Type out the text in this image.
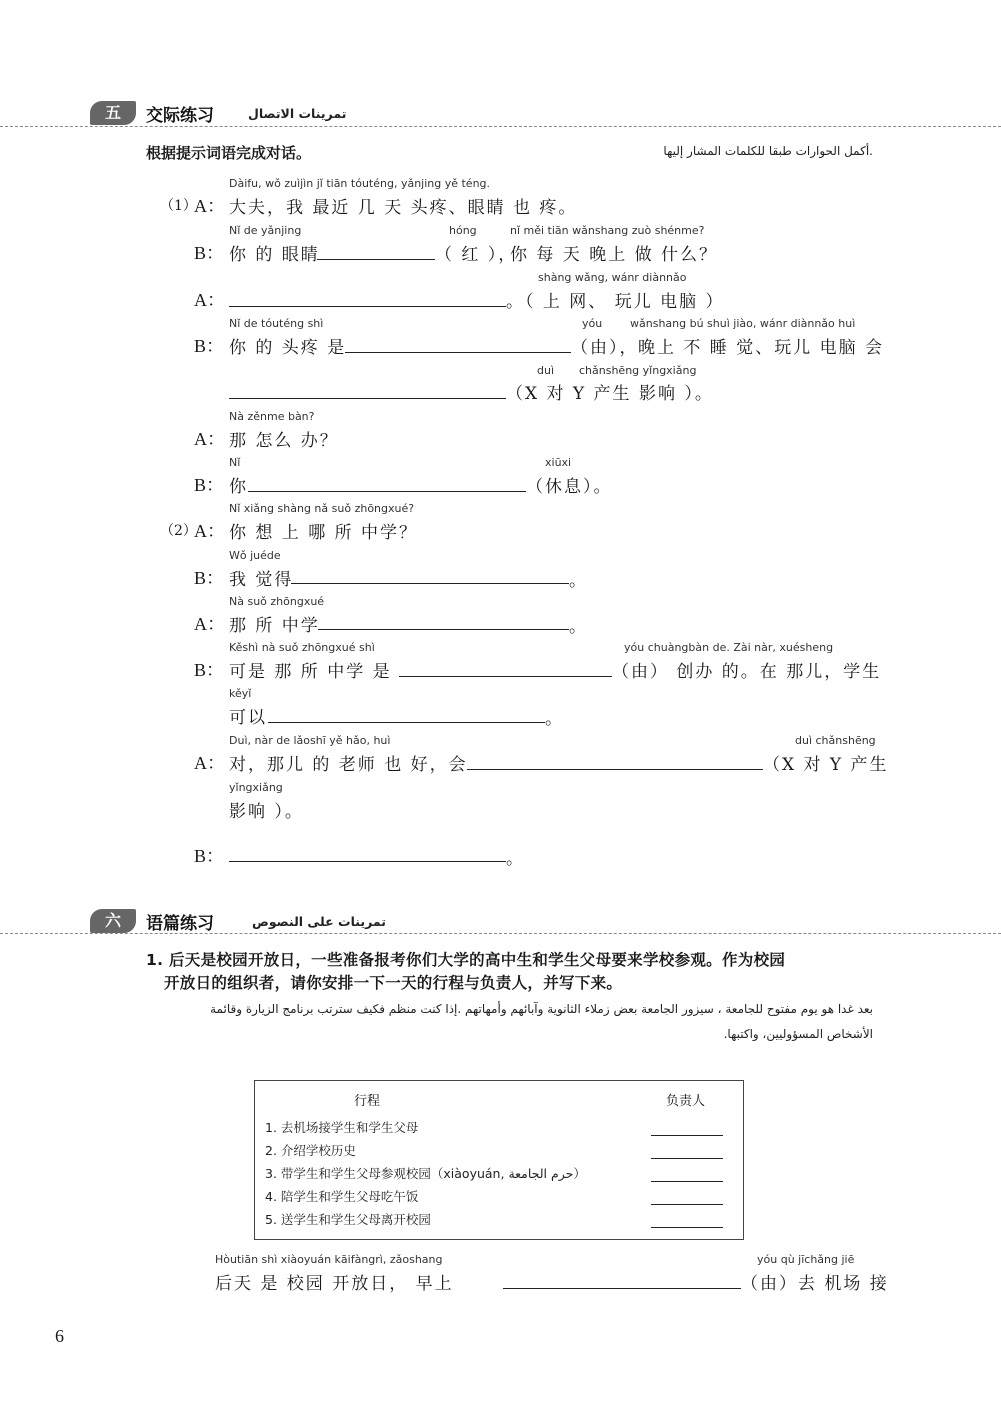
五	交际练习	تمرينات الاتصال
根据提示词语完成对话。	أكمل الحوارات طبقا للكلمات المشار إليها.
Dàifu, wǒ zuìjìn jǐ tiān tóuténg, yǎnjing yě téng.
（1）
A： 大夫，我 最近 几 天 头疼、眼睛 也 疼。
Nǐ de yǎnjing	hóng	nǐ měi tiān wǎnshang zuò shénme?
B： 你 的 眼睛	（ 红 ），
你 每 天 晚上 做 什么？
shàng wǎng, wánr diànnǎo
A：	。（ 上 网、 玩儿 电脑 ）
Nǐ de tóuténg shì	yóu	wǎnshang bú shuì jiào, wánr diànnǎo huì
B： 你 的 头疼 是	（由）， 晚上 不 睡 觉、玩儿 电脑 会
duì chǎnshēng yǐngxiǎng
（X 对 Y 产生 影响 ）。
Nà zěnme bàn?
A： 那 怎么 办？
Nǐ	xiūxi
B： 你	（休息）。
Nǐ xiǎng shàng nǎ suǒ zhōngxué?
（2）
A： 你 想 上 哪 所 中学？
Wǒ juéde
B： 我 觉得	。
Nà suǒ zhōngxué
A： 那 所 中学	。
Kěshì nà suǒ zhōngxué shì	yóu chuàngbàn de. Zài nàr, xuésheng
B： 可是 那 所 中学 是	（由） 创办 的。在 那儿，学生
kěyǐ
可以	。
Duì, nàr de lǎoshī yě hǎo, huì	duì chǎnshēng
A： 对，那儿 的 老师 也 好，会	（X 对 Y 产生
yǐngxiǎng
影响 ）。
B：	。
六	语篇练习	تمرينات على النصوص
1. 后天是校园开放日，一些准备报考你们大学的高中生和学生父母要来学校参观。作为校园
开放日的组织者，请你安排一下一天的行程与负责人，并写下来。
بعد غدا هو يوم مفتوح للجامعة ، سيزور الجامعة بعض زملاء الثانوية وآبائهم وأمهاتهم .إذا كنت منظم فكيف سترتب برنامج الزيارة وقائمة
الأشخاص المسؤوليين، واكتبها.
行程	负责人
1. 去机场接学生和学生父母
2. 介绍学校历史
3. 带学生和学生父母参观校园（xiàoyuán, حرم الجامعة）
4. 陪学生和学生父母吃午饭
5. 送学生和学生父母离开校园
Hòutiān shì xiàoyuán kāifàngrì, zǎoshang	yóu qù jīchǎng jiē
后天 是 校园 开放日， 早上	（由）去 机场 接
6
